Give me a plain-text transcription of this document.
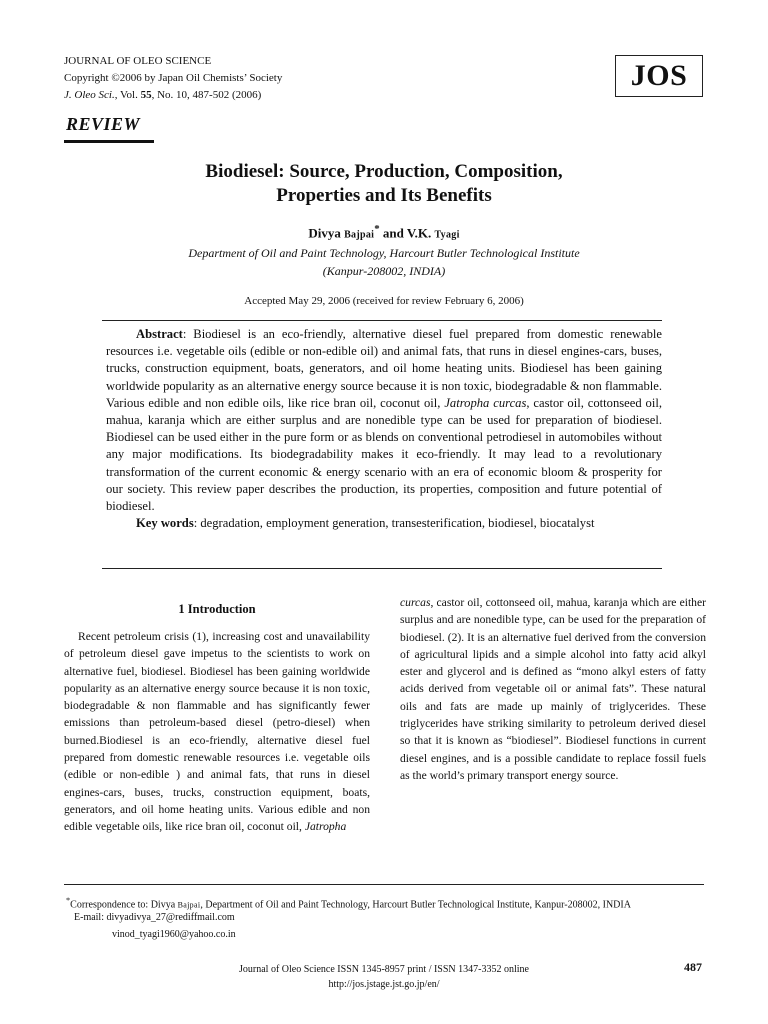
JOURNAL OF OLEO SCIENCE
Copyright ©2006 by Japan Oil Chemists’ Society
J. Oleo Sci., Vol. 55, No. 10, 487-502 (2006)
JOS
REVIEW
Biodiesel: Source, Production, Composition,
Properties and Its Benefits
Divya Bajpai* and V.K. Tyagi
Department of Oil and Paint Technology, Harcourt Butler Technological Institute
(Kanpur-208002, INDIA)
Accepted May 29, 2006 (received for review February 6, 2006)

Abstract: Biodiesel is an eco-friendly, alternative diesel fuel prepared from domestic renewable resources i.e. vegetable oils (edible or non-edible oil) and animal fats, that runs in diesel engines-cars, buses, trucks, construction equipment, boats, generators, and oil home heating units. Biodiesel has been gaining worldwide popularity as an alternative energy source because it is non toxic, biodegradable & non flammable. Various edible and non edible oils, like rice bran oil, coconut oil, Jatropha curcas, castor oil, cottonseed oil, mahua, karanja which are either surplus and are nonedible type can be used for preparation of biodiesel. Biodiesel can be used either in the pure form or as blends on conventional petrodiesel in automobiles without any major modifications. Its biodegradability makes it eco-friendly. It may lead to a revolutionary transformation of the current economic & energy scenario with an era of economic bloom & prosperity for our society. This review paper describes the production, its properties, composition and future potential of biodiesel.

Key words: degradation, employment generation, transesterification, biodiesel, biocatalyst

1 Introduction

Recent petroleum crisis (1), increasing cost and unavailability of petroleum diesel gave impetus to the scientists to work on alternative fuel, biodiesel. Biodiesel has been gaining worldwide popularity as an alternative energy source because it is non toxic, biodegradable & non flammable and has significantly fewer emissions than petroleum-based diesel (petro-diesel) when burned.Biodiesel is an eco-friendly, alternative diesel fuel prepared from domestic renewable resources i.e. vegetable oils (edible or non-edible ) and animal fats, that runs in diesel engines-cars, buses, trucks, construction equipment, boats, generators, and oil home heating units. Various edible and non edible vegetable oils, like rice bran oil, coconut oil, Jatropha

curcas, castor oil, cottonseed oil, mahua, karanja which are either surplus and are nonedible type, can be used for the preparation of biodiesel. (2). It is an alternative fuel derived from the conversion of agricultural lipids and a simple alcohol into fatty acid alkyl ester and glycerol and is defined as “mono alkyl esters of fatty acids derived from vegetable oil or animal fats”. These natural oils and fats are made up mainly of triglycerides. These triglycerides have striking similarity to petroleum derived diesel so that it is known as “biodiesel”. Biodiesel functions in current diesel engines, and is a possible candidate to replace fossil fuels as the world’s primary transport energy source.

*Correspondence to: Divya Bajpai, Department of Oil and Paint Technology, Harcourt Butler Technological Institute, Kanpur-208002, INDIA
E-mail: divyadivya_27@rediffmail.com
vinod_tyagi1960@yahoo.co.in
Journal of Oleo Science ISSN 1345-8957 print / ISSN 1347-3352 online
http://jos.jstage.jst.go.jp/en/
487
